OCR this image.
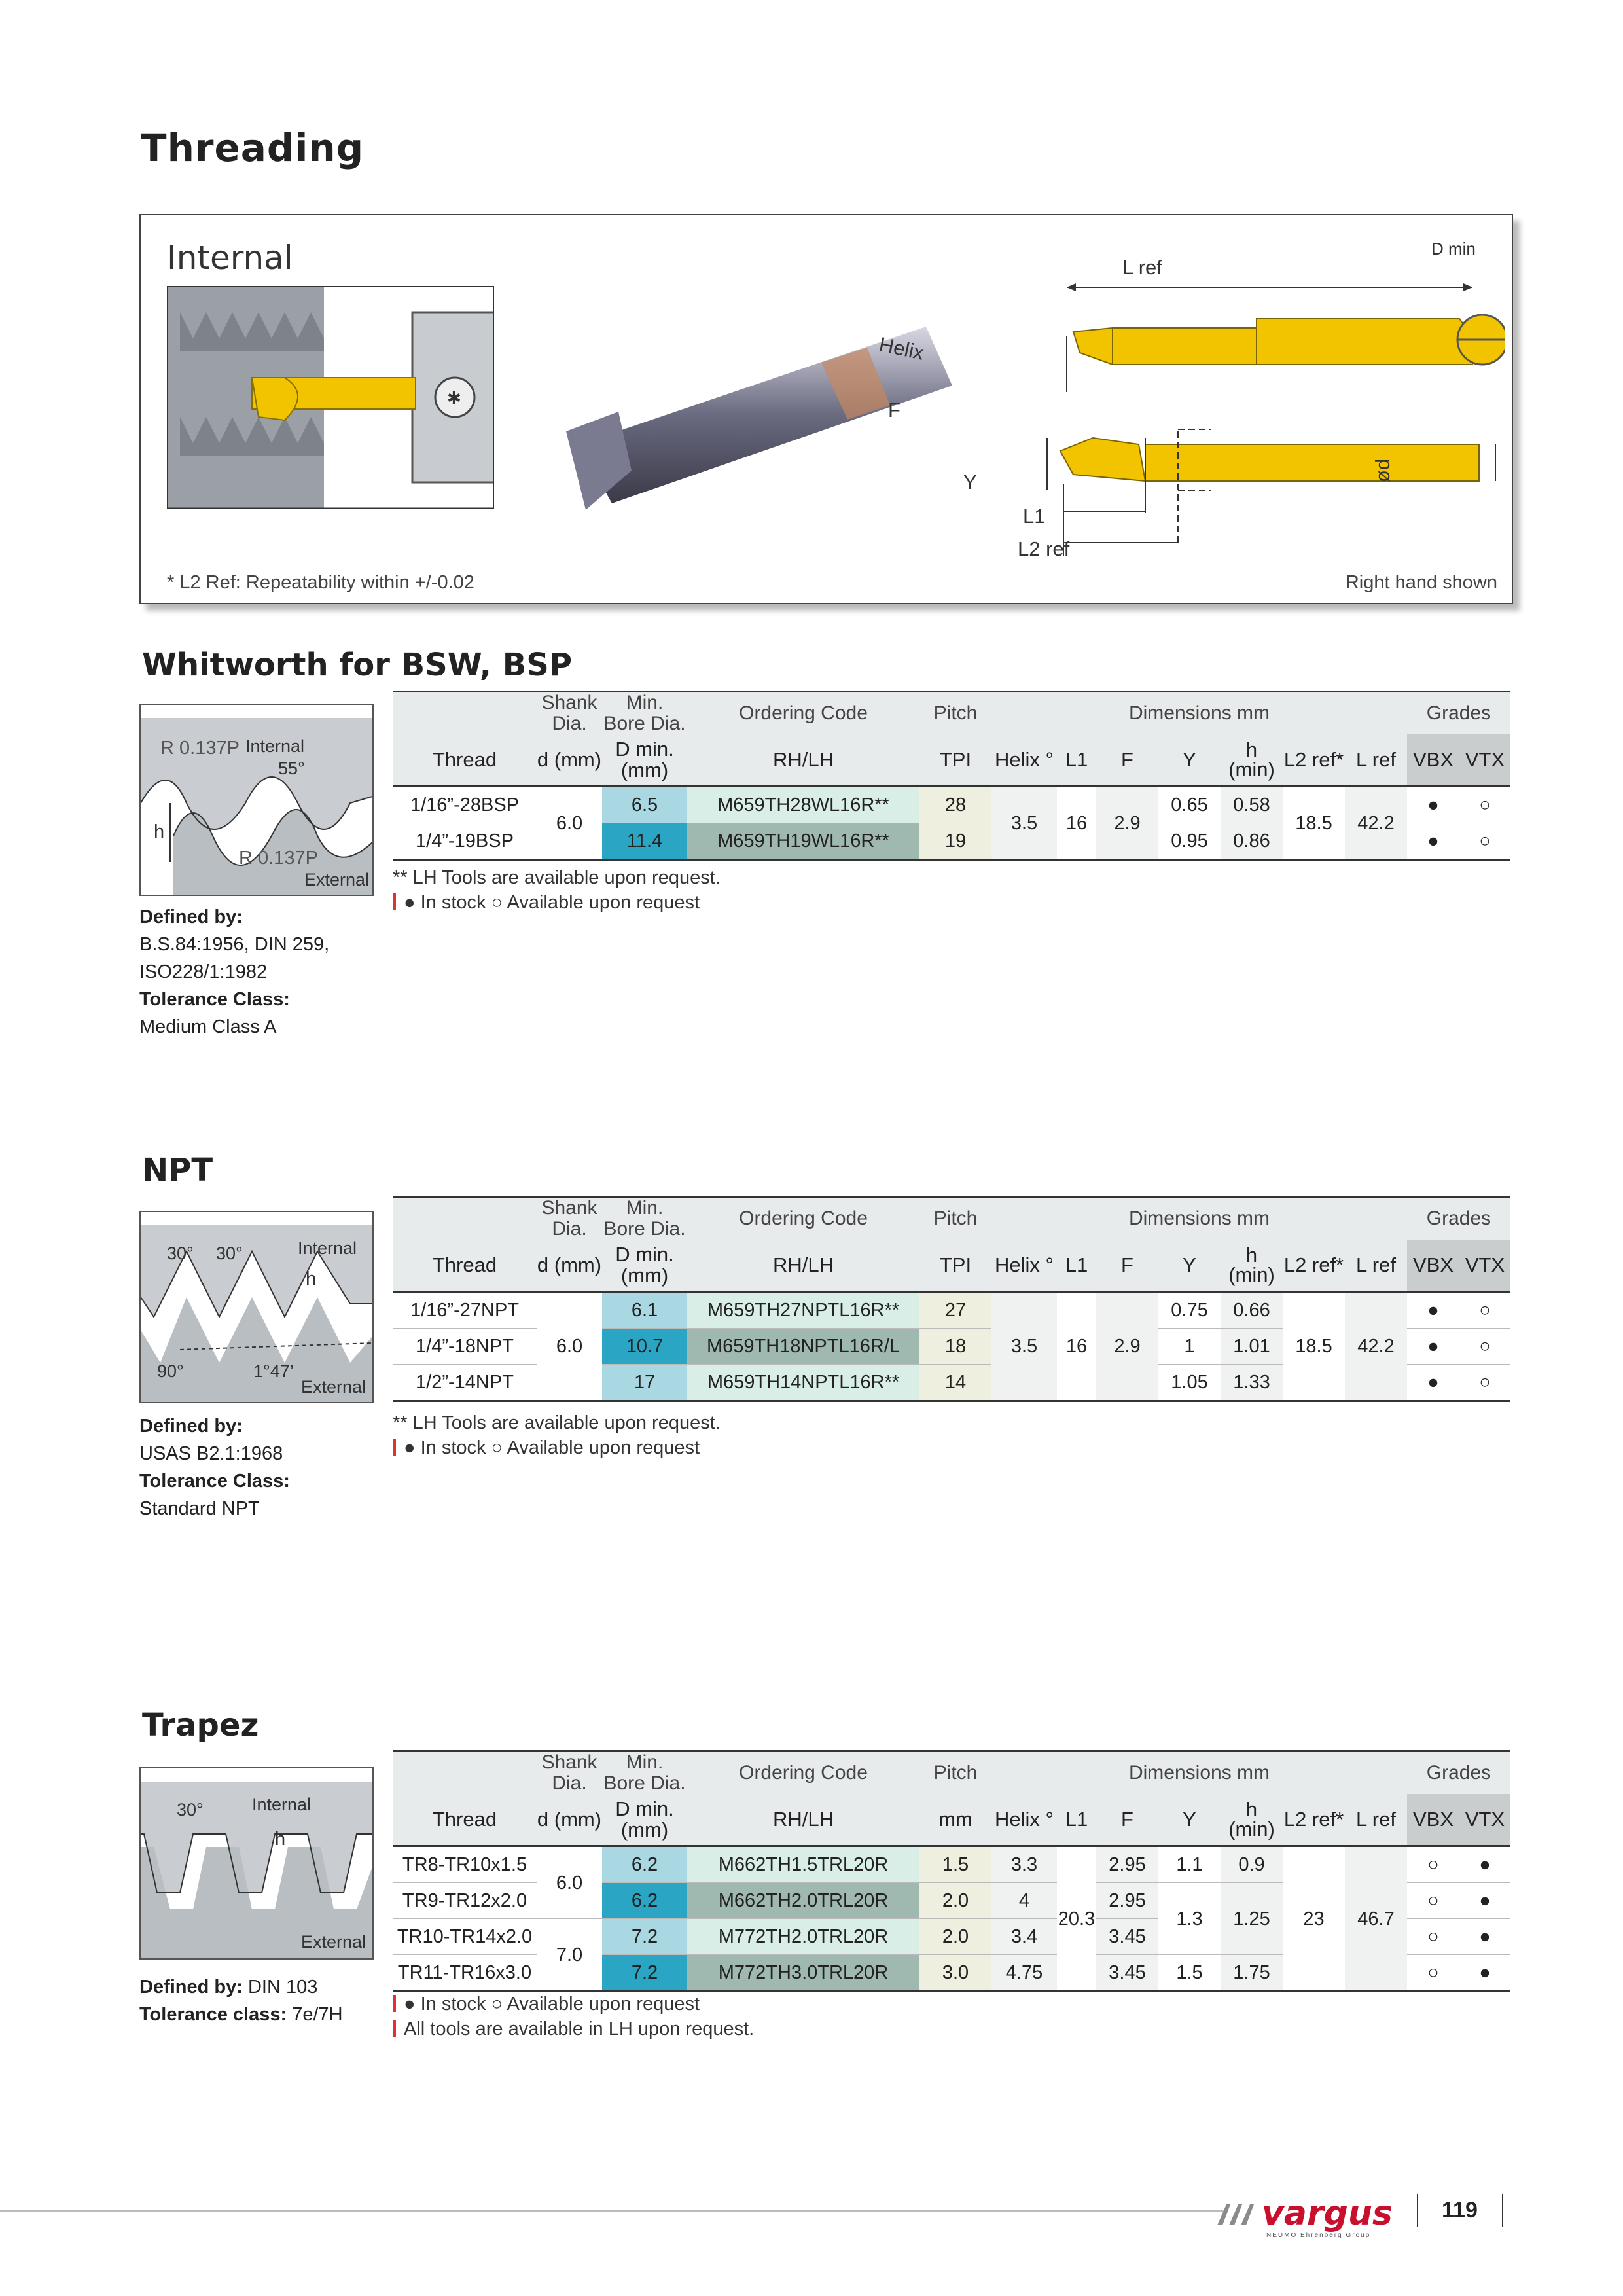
Threading
Internal
✱
L ref
D min
Helix
F
Y
L1
L2 ref
ød
* L2 Ref: Repeatability within +/-0.02	Right hand shown
Whitworth for BSW, BSP
R 0.137P Internal
55°
h
R 0.137P
External
Defined by:
B.S.84:1956, DIN 259,
ISO228/1:1982
Tolerance Class:
Medium Class A
	Shank
Dia.	Min.
Bore Dia.	Ordering Code	Pitch	Dimensions mm							Grades	
Thread	d (mm)	D min.
(mm)	RH/LH	TPI	Helix °	L1	F	Y	h
(min)	L2 ref*	L ref	VBX	VTX
1/16”-28BSP	6.0	6.5	M659TH28WL16R**	28	3.5	16	2.9	0.65	0.58	18.5	42.2	●	○
1/4”-19BSP		11.4	M659TH19WL16R**	19				0.95	0.86			●	○
** LH Tools are available upon request.
● In stock ○ Available upon request
NPT
30° 30°	Internal
h
90°	1°47’
External
Defined by:
USAS B2.1:1968
Tolerance Class:
Standard NPT
	Shank
Dia.	Min.
Bore Dia.	Ordering Code	Pitch	Dimensions mm							Grades	
Thread	d (mm)	D min.
(mm)	RH/LH	TPI	Helix °	L1	F	Y	h
(min)	L2 ref*	L ref	VBX	VTX
1/16”-27NPT	6.0	6.1	M659TH27NPTL16R**	27	3.5	16	2.9	0.75	0.66	18.5	42.2	●	○
1/4”-18NPT		10.7	M659TH18NPTL16R/L	18				1	1.01			●	○
1/2”-14NPT		17	M659TH14NPTL16R**	14				1.05	1.33			●	○
** LH Tools are available upon request.
● In stock ○ Available upon request
Trapez
30°	Internal
h
External
Defined by: DIN 103
Tolerance class: 7e/7H
	Shank
Dia.	Min.
Bore Dia.	Ordering Code	Pitch	Dimensions mm							Grades	
Thread	d (mm)	D min.
(mm)	RH/LH	mm	Helix °	L1	F	Y	h
(min)	L2 ref*	L ref	VBX	VTX
TR8-TR10x1.5	6.0	6.2	M662TH1.5TRL20R	1.5	3.3	20.3	2.95	1.1	0.9	23	46.7	○	●
TR9-TR12x2.0		6.2	M662TH2.0TRL20R	2.0	4		2.95	1.3	1.25			○	●
TR10-TR14x2.0	7.0	7.2	M772TH2.0TRL20R	2.0	3.4		3.45					○	●
TR11-TR16x3.0		7.2	M772TH3.0TRL20R	3.0	4.75		3.45	1.5	1.75			○	●
● In stock ○ Available upon request
All tools are available in LH upon request.
vargus
NEUMO Ehrenberg Group
119
